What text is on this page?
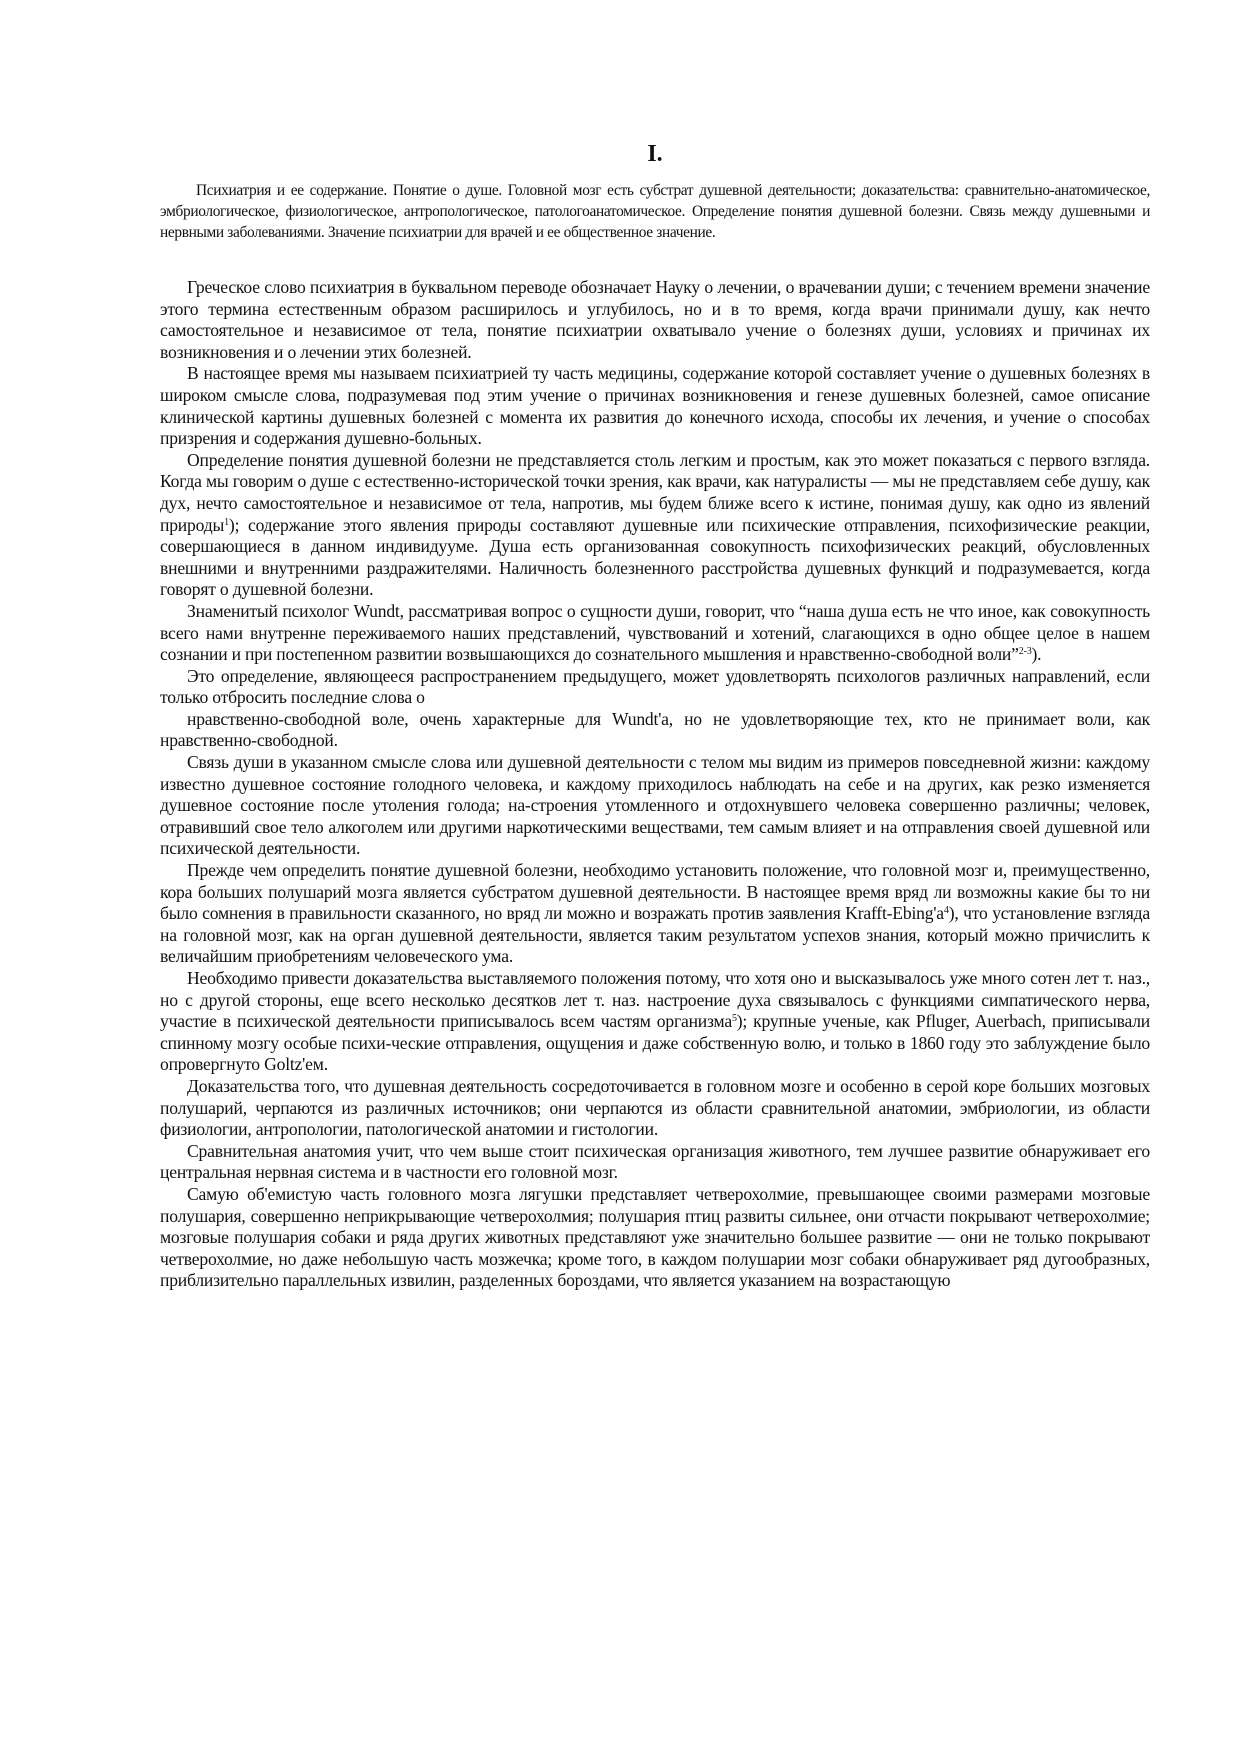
I.

Психиатрия и ее содержание. Понятие о душе. Головной мозг есть субстрат душевной деятельности; доказательства: сравнительно-анатомическое, эмбриологическое, физиологическое, антропологическое, патологоанатомическое. Определение понятия душевной болезни. Связь между душевными и нервными заболеваниями. Значение психиатрии для врачей и ее общественное значение.

Греческое слово психиатрия в буквальном переводе обозначает Науку о лечении, о врачевании души; с течением времени значение этого термина естественным образом расширилось и углубилось, но и в то время, когда врачи принимали душу, как нечто самостоятельное и независимое от тела, понятие психиатрии охватывало учение о болезнях души, условиях и причинах их возникновения и о лечении этих болезней.

В настоящее время мы называем психиатрией ту часть медицины, содержание которой составляет учение о душевных болезнях в широком смысле слова, подразумевая под этим учение о причинах возникновения и генезе душевных болезней, самое описание клинической картины душевных болезней с момента их развития до конечного исхода, способы их лечения, и учение о способах призрения и содержания душевно-больных.

Определение понятия душевной болезни не представляется столь легким и простым, как это может показаться с первого взгляда. Когда мы говорим о душе с естественно-исторической точки зрения, как врачи, как натуралисты — мы не представляем себе душу, как дух, нечто самостоятельное и независимое от тела, напротив, мы будем ближе всего к истине, понимая душу, как одно из явлений природы$^1$); содержание этого явления природы составляют душевные или психические отправления, психофизические реакции, совершающиеся в данном индивидууме. Душа есть организованная совокупность психофизических реакций, обусловленных внешними и внутренними раздражителями. Наличность болезненного расстройства душевных функций и подразумевается, когда говорят о душевной болезни.

Знаменитый психолог Wundt, рассматривая вопрос о сущности души, говорит, что “наша душа есть не что иное, как совокупность всего нами внутренне переживаемого наших представлений, чувствований и хотений, слагающихся в одно общее целое в нашем сознании и при постепенном развитии возвышающихся до сознательного мышления и нравственно-свободной воли”$^{2-3}$).

Это определение, являющееся распространением предыдущего, может удовлетворять психологов различных направлений, если только отбросить последние слова о

нравственно-свободной воле, очень характерные для Wundt'a, но не удовлетворяющие тех, кто не принимает воли, как нравственно-свободной.

Связь души в указанном смысле слова или душевной деятельности с телом мы видим из примеров повседневной жизни: каждому известно душевное состояние голодного человека, и каждому приходилось наблюдать на себе и на других, как резко изменяется душевное состояние после утоления голода; на-строения утомленного и отдохнувшего человека совершенно различны; человек, отравивший свое тело алкоголем или другими наркотическими веществами, тем самым влияет и на отправления своей душевной или психической деятельности.

Прежде чем определить понятие душевной болезни, необходимо установить положение, что головной мозг и, преимущественно, кора больших полушарий мозга является субстратом душевной деятельности. В настоящее время вряд ли возможны какие бы то ни было сомнения в правильности сказанного, но вряд ли можно и возражать против заявления Krafft-$Ebing'a^4$), что установление взгляда на головной мозг, как на орган душевной деятельности, является таким результатом успехов знания, который можно причислить к величайшим приобретениям человеческого ума.

Необходимо привести доказательства выставляемого положения потому, что хотя оно и высказывалось уже много сотен лет т. наз., но с другой стороны, еще всего несколько десятков лет т. наз. настроение духа связывалось с функциями симпатического нерва, участие в психической деятельности приписывалось всем частям организма$^5$); крупные ученые, как Pfluger, Auerbach, приписывали спинному мозгу особые психи-ческие отправления, ощущения и даже собственную волю, и только в 1860 году это заблуждение было опровергнуто Goltz'ем.

Доказательства того, что душевная деятельность сосредоточивается в головном мозге и особенно в серой коре больших мозговых полушарий, черпаются из различных источников; они черпаются из области сравнительной анатомии, эмбриологии, из области физиологии, антропологии, патологической анатомии и гистологии.

Сравнительная анатомия учит, что чем выше стоит психическая организация животного, тем лучшее развитие обнаруживает его центральная нервная система и в частности его головной мозг.

Самую об'емистую часть головного мозга лягушки представляет четверохолмие, превышающее своими размерами мозговые полушария, совершенно неприкрывающие четверохолмия; полушария птиц развиты сильнее, они отчасти покрывают четверохолмие; мозговые полушария собаки и ряда других животных представляют уже значительно большее развитие — они не только покрывают четверохолмие, но даже небольшую часть мозжечка; кроме того, в каждом полушарии мозг собаки обнаруживает ряд дугообразных, приблизительно параллельных извилин, разделенных бороздами, что является указанием на возрастающую
